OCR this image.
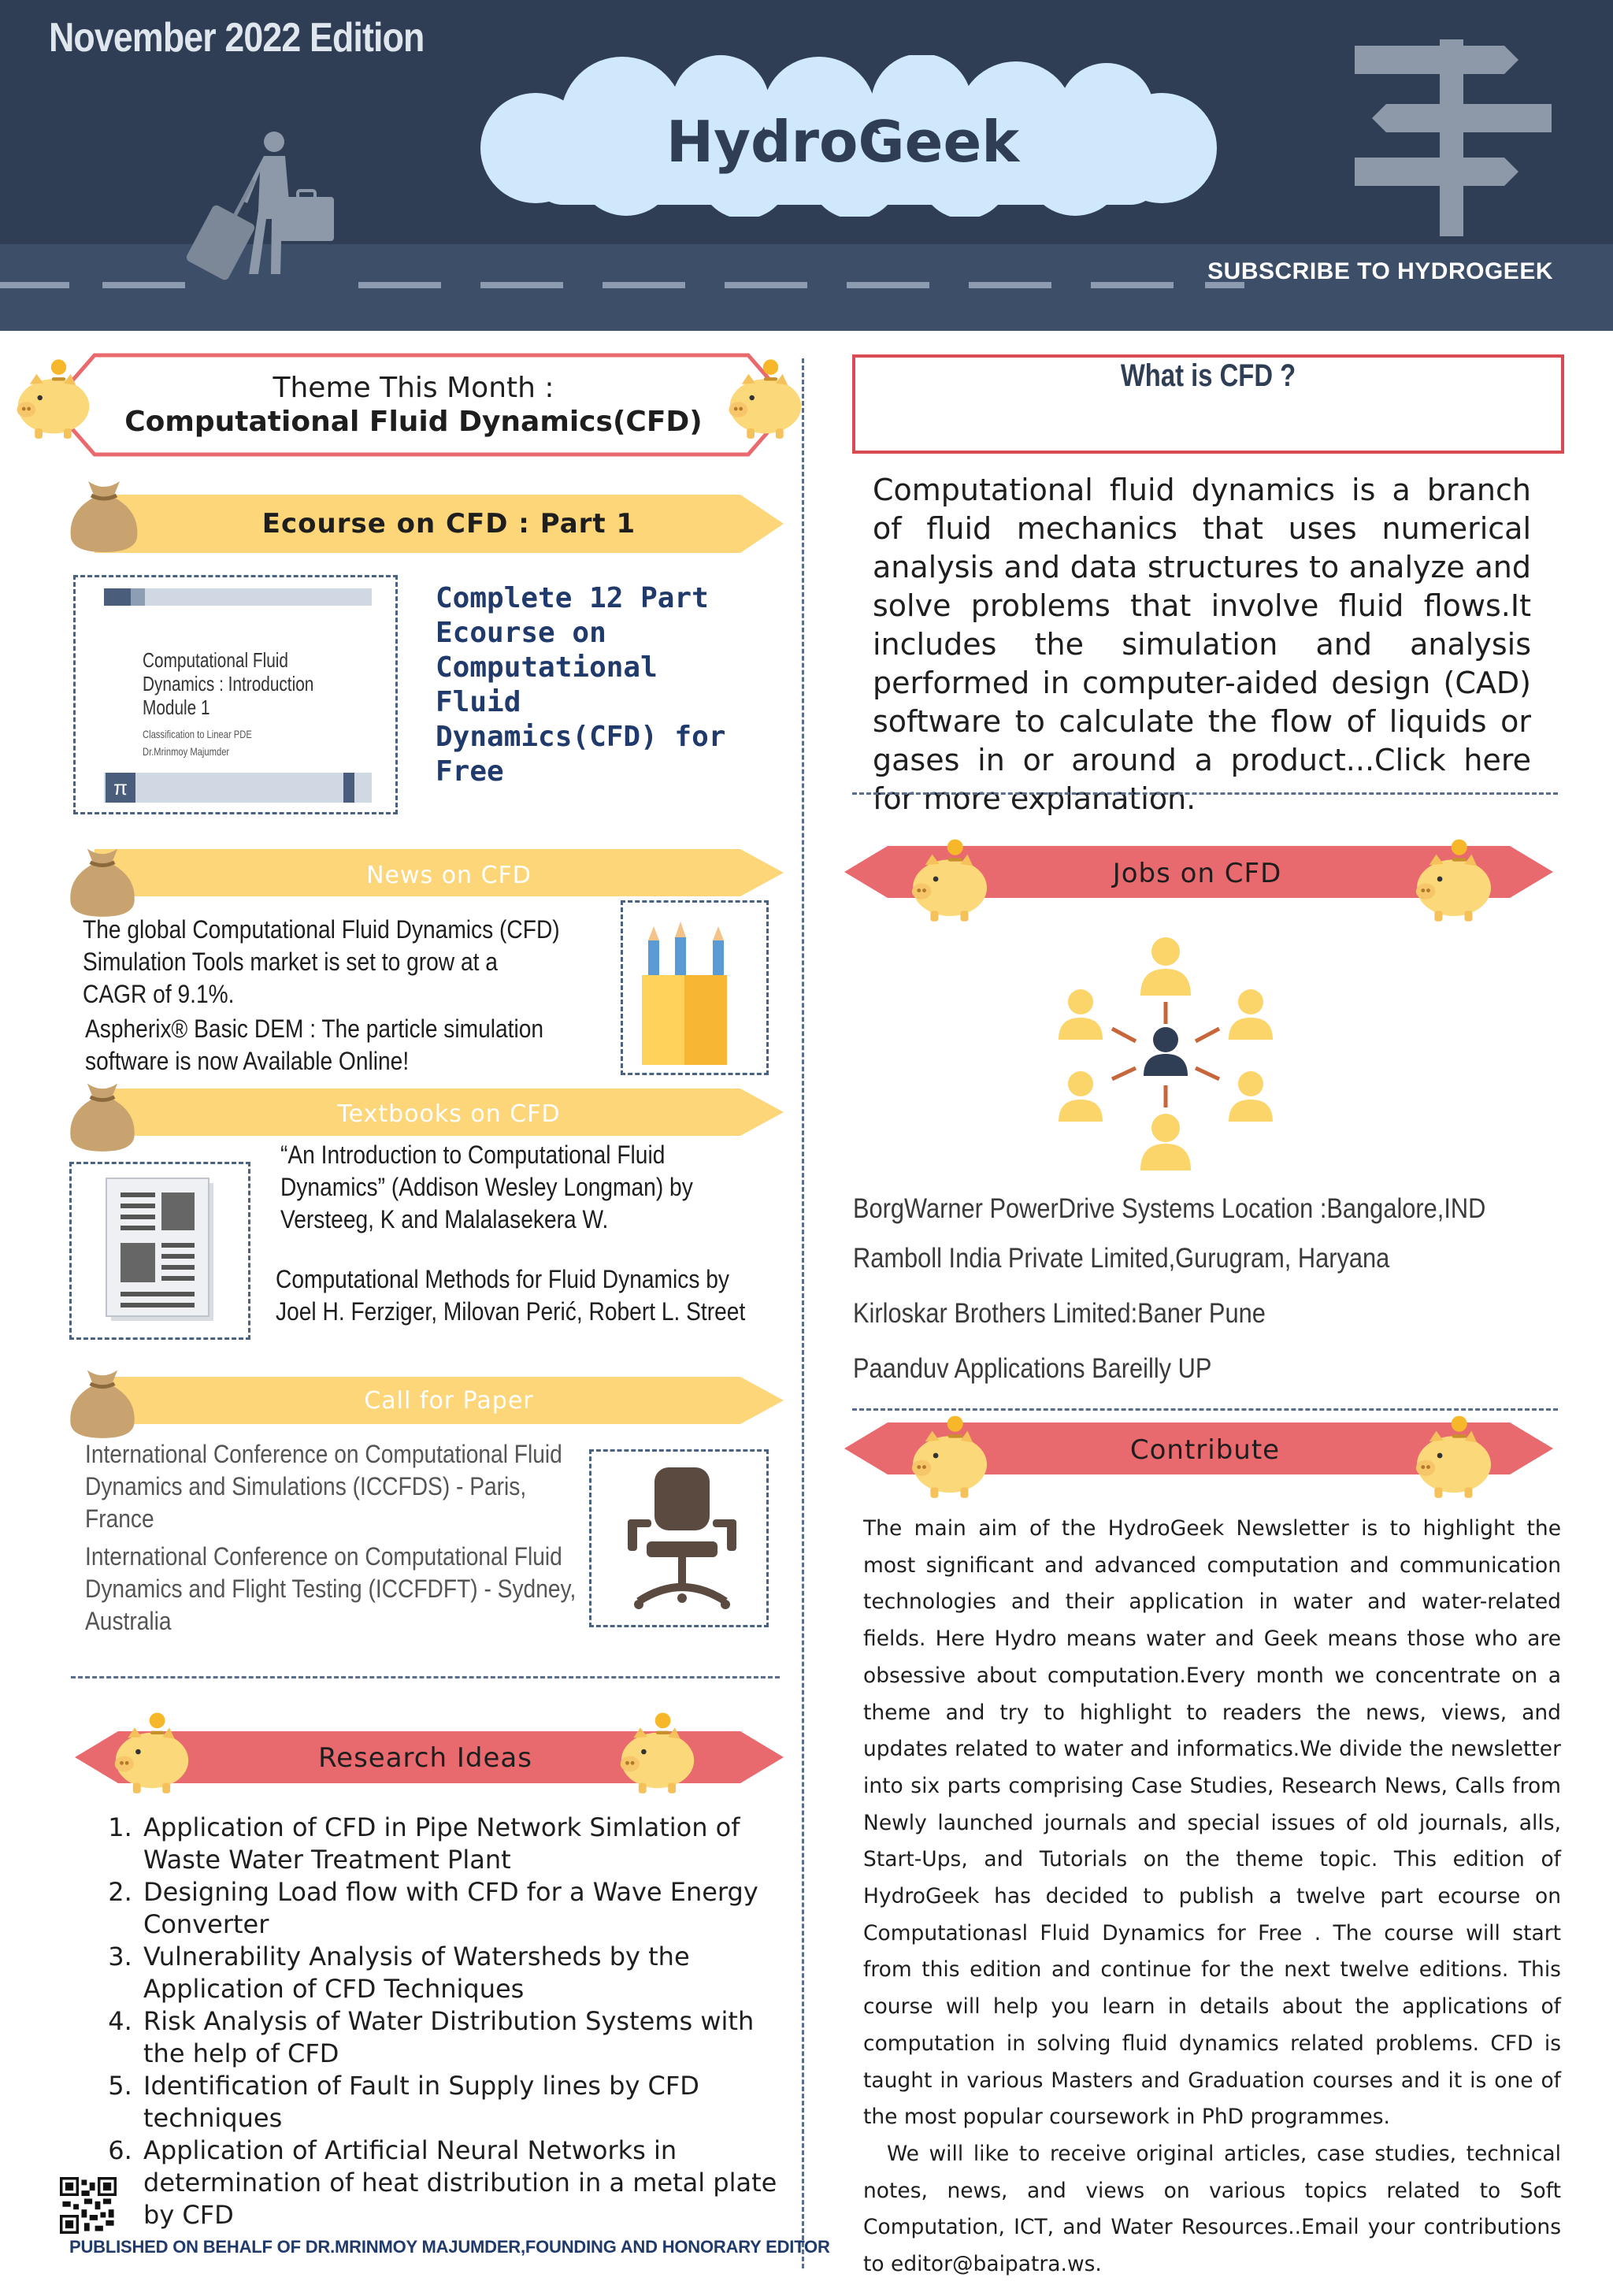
November 2022 Edition
HydroGeek
SUBSCRIBE TO HYDROGEEK
Theme This Month :
Computational Fluid Dynamics(CFD)
Ecourse on CFD : Part 1
π
Computational Fluid
Dynamics : Introduction
Module 1
Classification to Linear PDE
Dr.Mrinmoy Majumder
Complete 12 Part Ecourse on Computational Fluid Dynamics(CFD) for Free
News on CFD
The global Computational Fluid Dynamics (CFD) Simulation Tools market is set to grow at a CAGR of 9.1%.
Aspherix® Basic DEM : The particle simulation software is now Available Online!
Textbooks on CFD
“An Introduction to Computational Fluid Dynamics” (Addison Wesley Longman) by Versteeg, K and Malalasekera W.
Computational Methods for Fluid Dynamics by Joel H. Ferziger, Milovan Perić, Robert L. Street
Call for Paper
International Conference on Computational Fluid Dynamics and Simulations (ICCFDS) - Paris, France
International Conference on Computational Fluid Dynamics and Flight Testing (ICCFDFT) - Sydney, Australia
Research Ideas
1. Application of CFD in Pipe Network Simlation of Waste Water Treatment Plant
2. Designing Load flow with CFD for a Wave Energy Converter
3. Vulnerability Analysis of Watersheds by the Application of CFD Techniques
4. Risk Analysis of Water Distribution Systems with the help of CFD
5. Identification of Fault in Supply lines by CFD techniques
6. Application of Artificial Neural Networks in determination of heat distribution in a metal plate by CFD
PUBLISHED ON BEHALF OF DR.MRINMOY MAJUMDER,FOUNDING AND HONORARY EDITOR
What is CFD ?
Computational fluid dynamics is a branch of fluid mechanics that uses numerical analysis and data structures to analyze and solve problems that involve fluid flows.It includes the simulation and analysis performed in computer-aided design (CAD) software to calculate the flow of liquids or gases in or around a product...Click here for more explanation.
Jobs on CFD
BorgWarner PowerDrive Systems Location :Bangalore,IND
Ramboll India Private Limited,Gurugram, Haryana
Kirloskar Brothers Limited:Baner Pune
Paanduv Applications Bareilly UP
Contribute

The main aim of the HydroGeek Newsletter is to highlight the most significant and advanced computation and communication technologies and their application in water and water-related fields. Here Hydro means water and Geek means those who are obsessive about computation.Every month we concentrate on a theme and try to highlight to readers the news, views, and updates related to water and informatics.We divide the newsletter into six parts comprising Case Studies, Research News, Calls from Newly launched journals and special issues of old journals, alls, Start-Ups, and Tutorials on the theme topic. This edition of HydroGeek has decided to publish a twelve part ecourse on Computationasl Fluid Dynamics for Free . The course will start from this edition and continue for the next twelve editions. This course will help you learn in details about the applications of computation in solving fluid dynamics related problems. CFD is taught in various Masters and Graduation courses and it is one of the most popular coursework in PhD programmes.

We will like to receive original articles, case studies, technical notes, news, and views on various topics related to Soft Computation, ICT, and Water Resources..Email your contributions to editor@baipatra.ws.
